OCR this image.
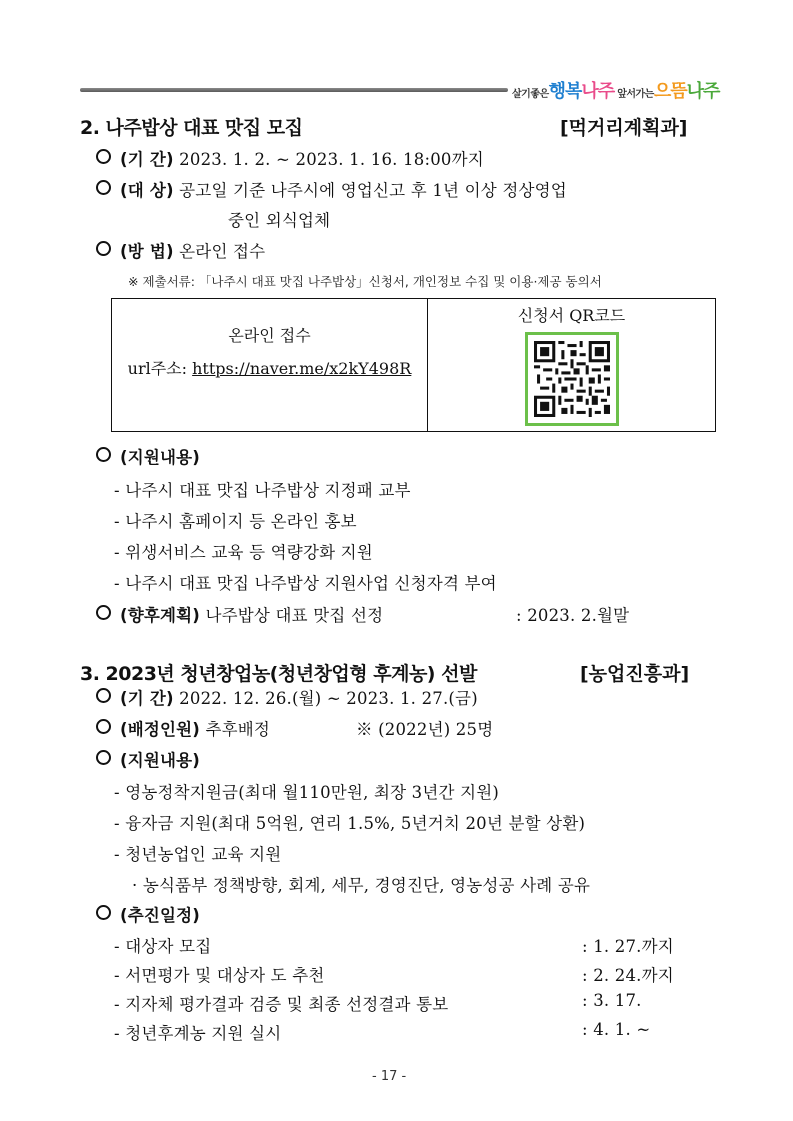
살기좋은행복나주 앞서가는으뜸나주
2. 나주밥상 대표 맛집 모집	[먹거리계획과]
(기 간) 2023. 1. 2. ~ 2023. 1. 16. 18:00까지
(대 상) 공고일 기준 나주시에 영업신고 후 1년 이상 정상영업
중인 외식업체
(방 법) 온라인 접수
※ 제출서류: 「나주시 대표 맛집 나주밥상」신청서, 개인정보 수집 및 이용·제공 동의서
온라인 접수
url주소: https://naver.me/x2kY498R

신청서 QR코드
(지원내용)
- 나주시 대표 맛집 나주밥상 지정패 교부
- 나주시 홈페이지 등 온라인 홍보
- 위생서비스 교육 등 역량강화 지원
- 나주시 대표 맛집 나주밥상 지원사업 신청자격 부여
(향후계획) 나주밥상 대표 맛집 선정	: 2023. 2.월말
3. 2023년 청년창업농(청년창업형 후계농) 선발	[농업진흥과]
(기 간) 2022. 12. 26.(월) ~ 2023. 1. 27.(금)
(배정인원) 추후배정	※ (2022년) 25명
(지원내용)
- 영농정착지원금(최대 월110만원, 최장 3년간 지원)
- 융자금 지원(최대 5억원, 연리 1.5%, 5년거치 20년 분할 상환)
- 청년농업인 교육 지원
· 농식품부 정책방향, 회계, 세무, 경영진단, 영농성공 사례 공유
(추진일정)
- 대상자 모집	: 1. 27.까지
- 서면평가 및 대상자 도 추천	: 2. 24.까지
- 지자체 평가결과 검증 및 최종 선정결과 통보	: 3. 17.
- 청년후계농 지원 실시	: 4. 1. ~
- 17 -
